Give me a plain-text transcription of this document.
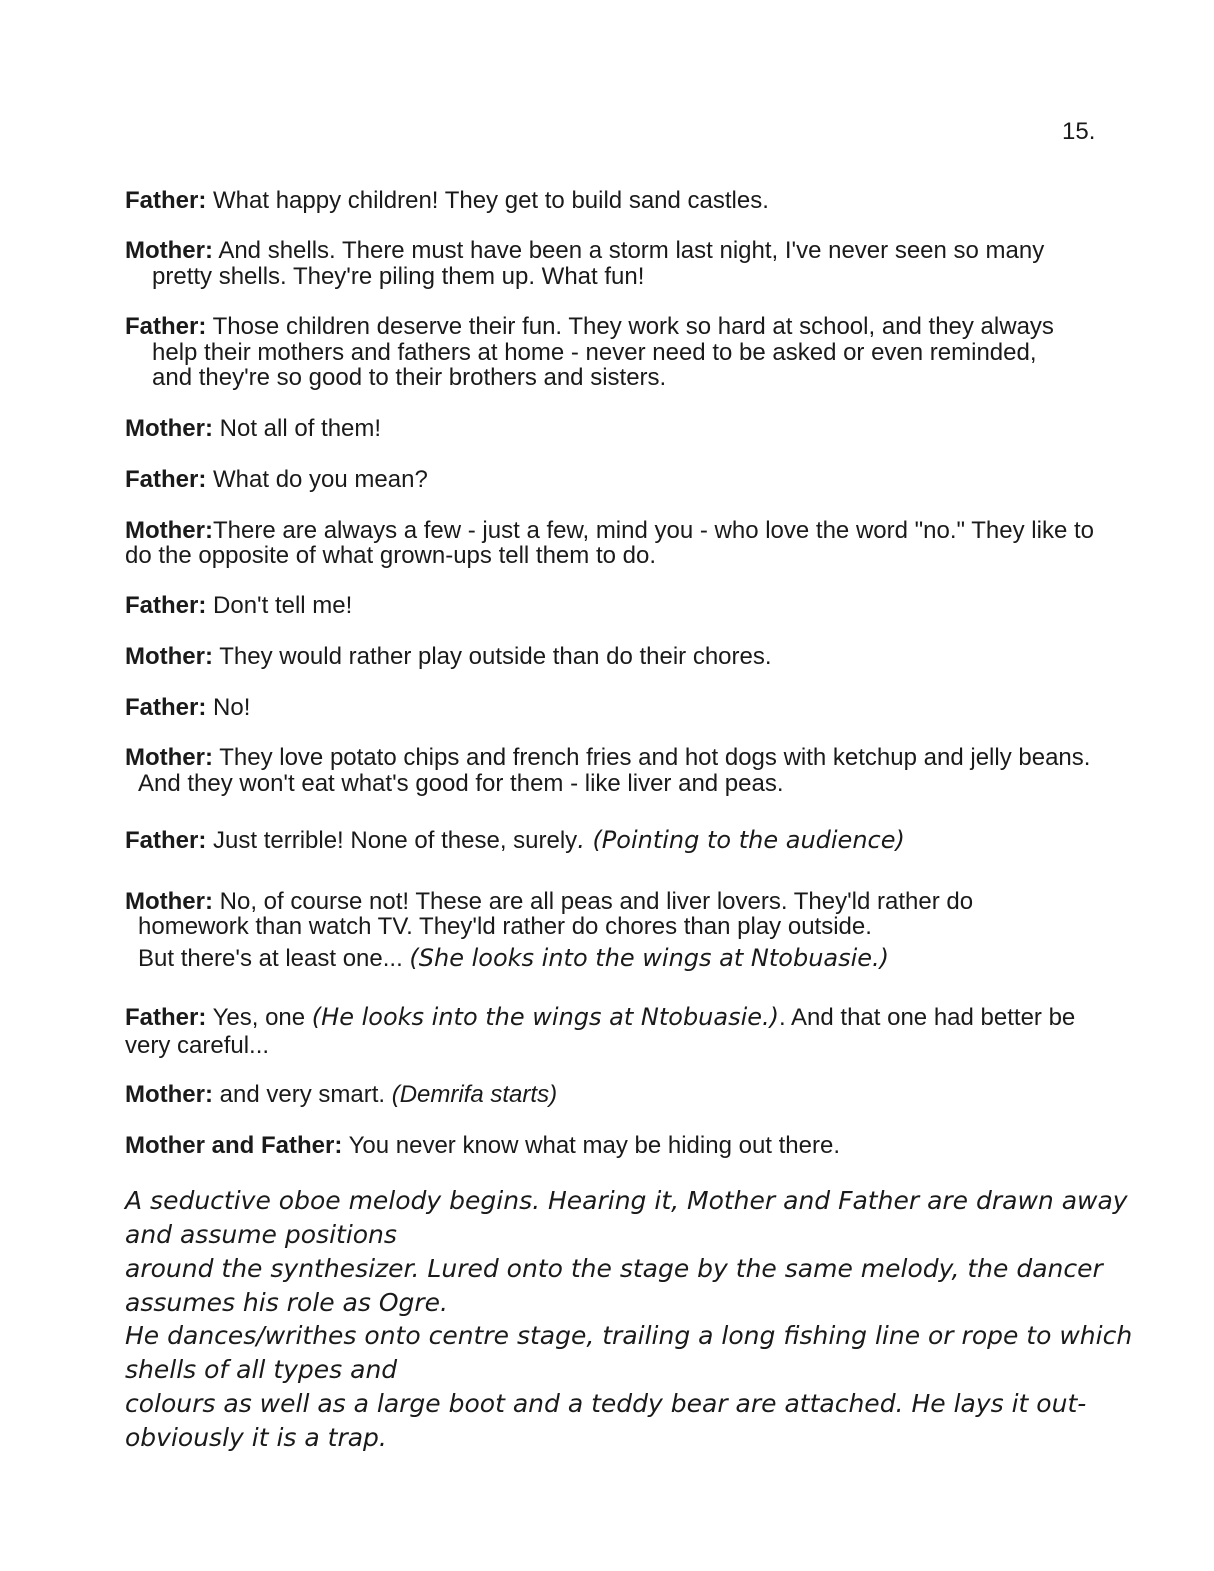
15.
Father: What happy children! They get to build sand castles.
Mother: And shells. There must have been a storm last night, I've never seen so many
pretty shells. They're piling them up. What fun!
Father: Those children deserve their fun. They work so hard at school, and they always
help their mothers and fathers at home - never need to be asked or even reminded,
and they're so good to their brothers and sisters.
Mother: Not all of them!
Father: What do you mean?
Mother:There are always a few - just a few, mind you - who love the word "no." They like to
do the opposite of what grown-ups tell them to do.
Father: Don't tell me!
Mother: They would rather play outside than do their chores.
Father: No!
Mother: They love potato chips and french fries and hot dogs with ketchup and jelly beans.
And they won't eat what's good for them - like liver and peas.
Father: Just terrible! None of these, surely. (Pointing to the audience)
Mother: No, of course not! These are all peas and liver lovers. They'ld rather do
homework than watch TV. They'ld rather do chores than play outside.
But there's at least one... (She looks into the wings at Ntobuasie.)
Father: Yes, one (He looks into the wings at Ntobuasie.). And that one had better be
very careful...
Mother: and very smart. (Demrifa starts)
Mother and Father: You never know what may be hiding out there.
A seductive oboe melody begins. Hearing it, Mother and Father are drawn away
and assume positions
around the synthesizer. Lured onto the stage by the same melody, the dancer
assumes his role as Ogre.
He dances/writhes onto centre stage, trailing a long fishing line or rope to which
shells of all types and
colours as well as a large boot and a teddy bear are attached. He lays it out-
obviously it is a trap.
